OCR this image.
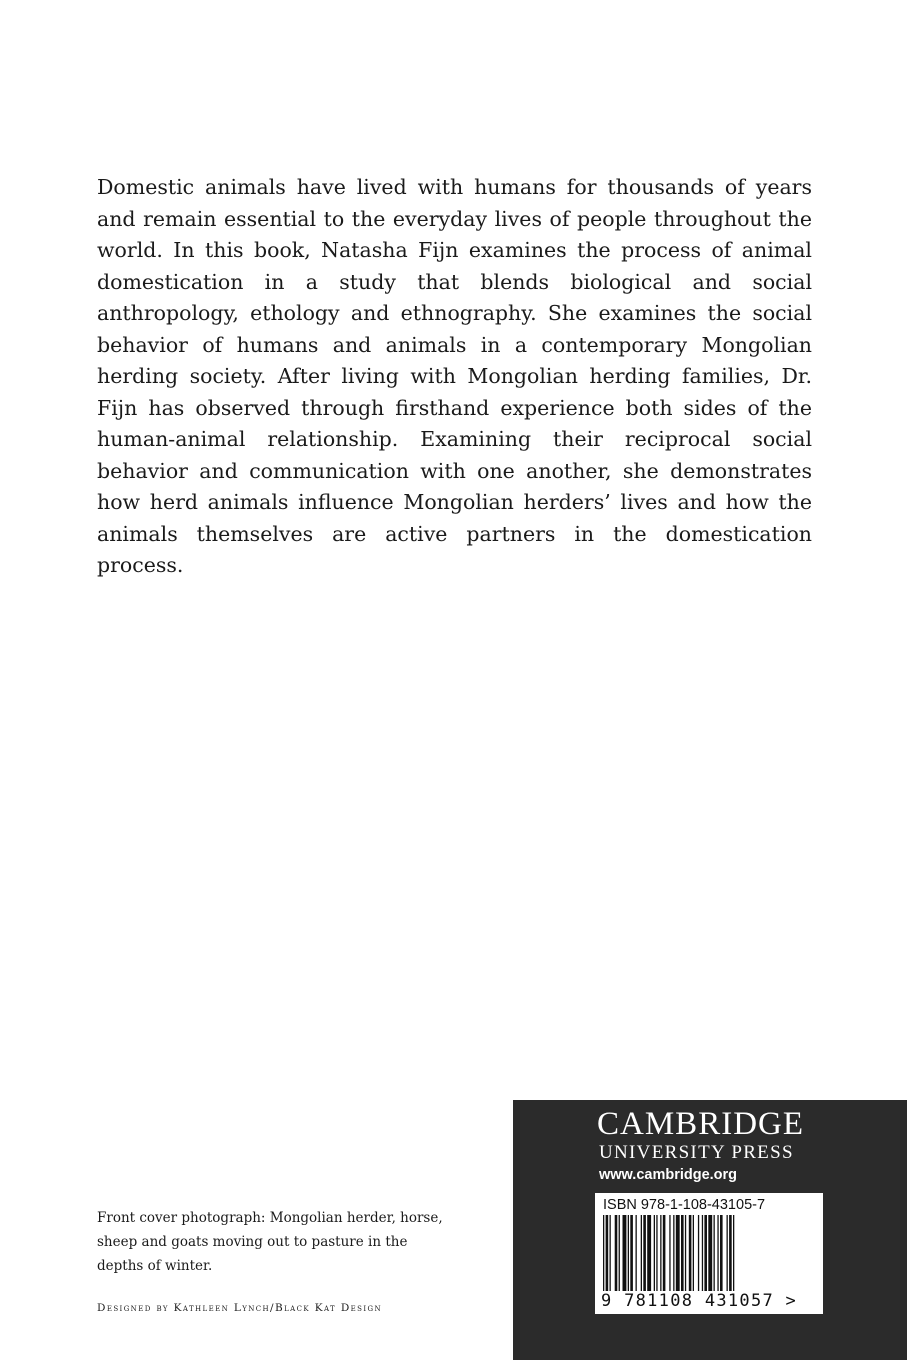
Domestic animals have lived with humans for thousands of years and remain essential to the everyday lives of people throughout the world. In this book, Natasha Fijn examines the process of animal domestication in a study that blends biological and social anthropology, ethology and ethnography. She examines the social behavior of humans and animals in a contemporary Mongolian herding society. After living with Mongolian herding families, Dr. Fijn has observed through firsthand experience both sides of the human-animal relationship. Examining their reciprocal social behavior and communication with one another, she demonstrates how herd animals influence Mongolian herders’ lives and how the animals themselves are active partners in the domestication process.

Front cover photograph: Mongolian herder, horse, sheep and goats moving out to pasture in the depths of winter.

Designed by Kathleen Lynch/Black Kat Design

CAMBRIDGE
UNIVERSITY PRESS
www.cambridge.org
ISBN 978-1-108-43105-7
9 781108 431057 >
